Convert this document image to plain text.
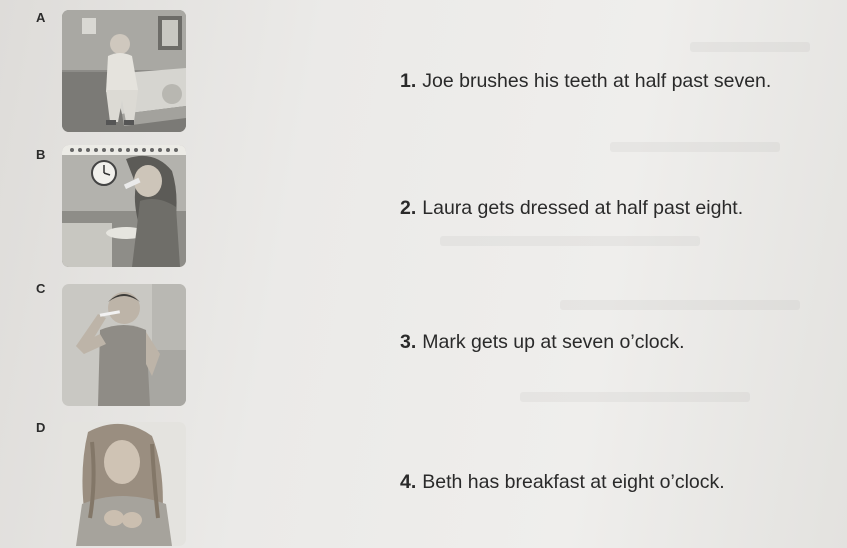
A
1. Joe brushes his teeth at half past seven.
B
2. Laura gets dressed at half past eight.
C
3. Mark gets up at seven o’clock.
D
4. Beth has breakfast at eight o’clock.
